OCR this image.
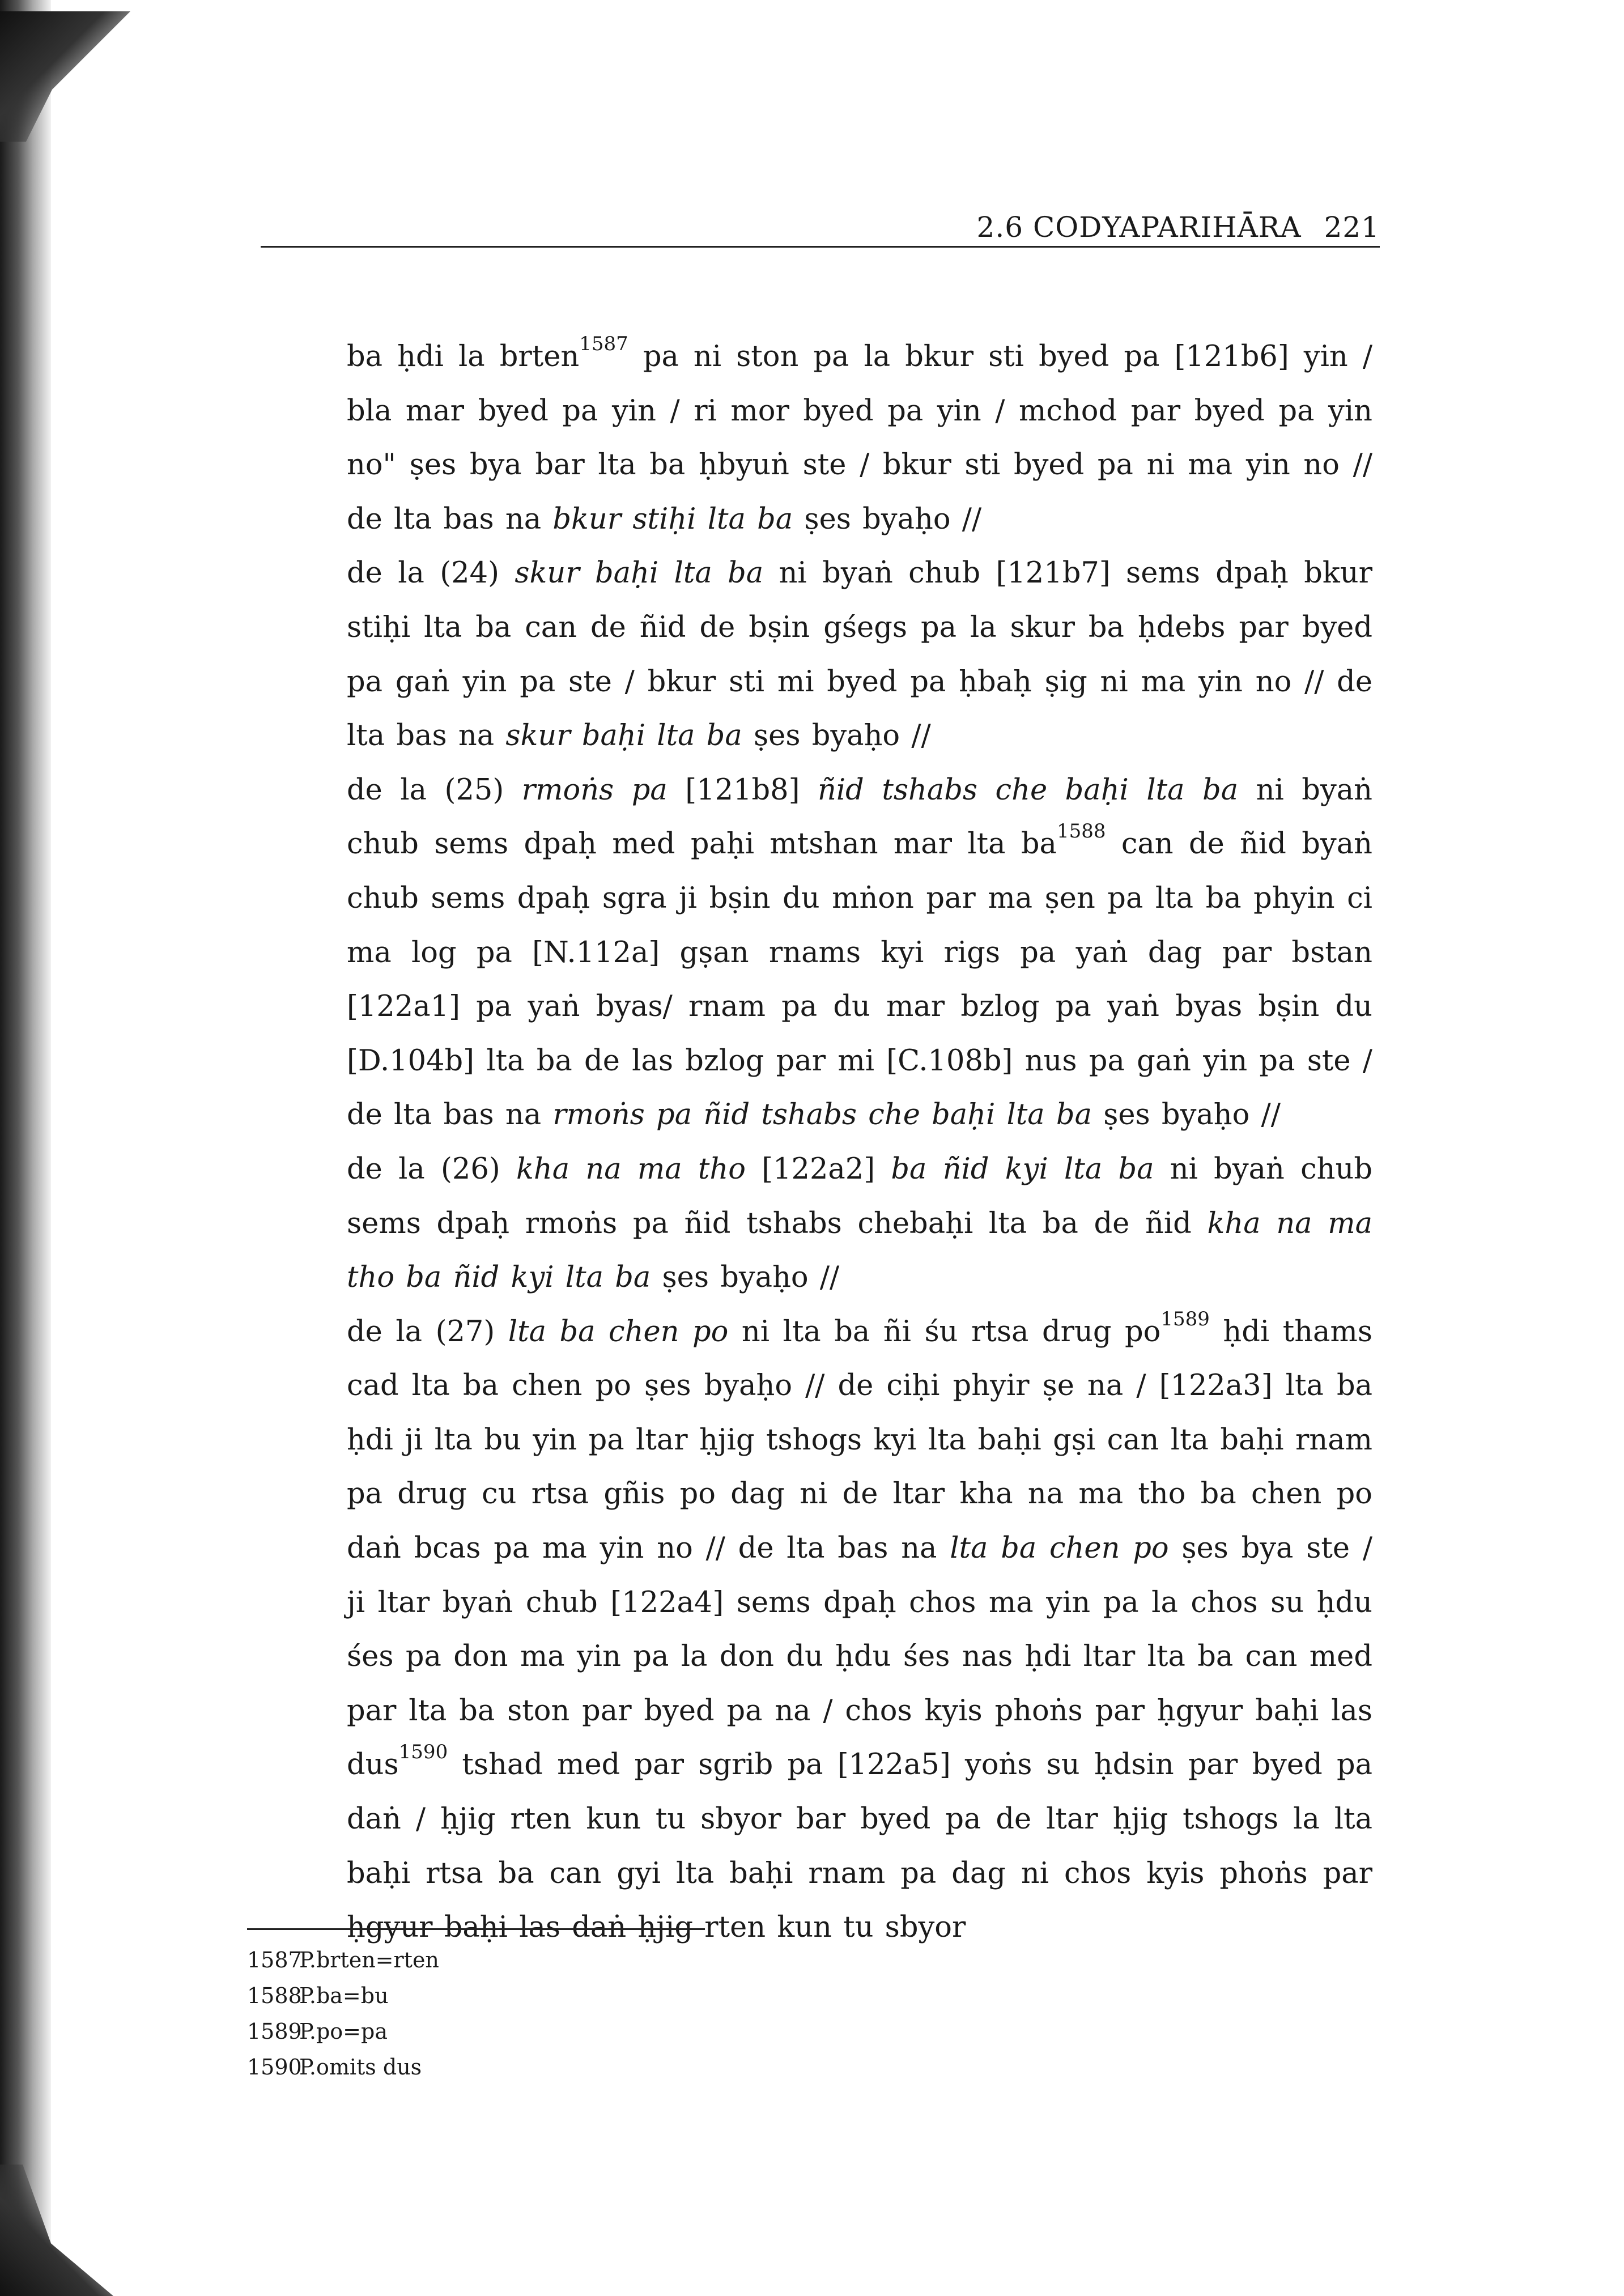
2.6 CODYAPARIHĀRA 221

ba ḥdi la brten$^{1587}$ pa ni ston pa la bkur sti byed pa [121b6] yin / bla mar byed pa yin / ri mor byed pa yin / mchod par byed pa yin no" ṣes bya bar lta ba ḥbyuṅ ste / bkur sti byed pa ni ma yin no // de lta bas na bkur stiḥi lta ba ṣes byaḥo //

de la (24) skur baḥi lta ba ni byaṅ chub [121b7] sems dpaḥ bkur stiḥi lta ba can de ñid de bṣin gśegs pa la skur ba ḥdebs par byed pa gaṅ yin pa ste / bkur sti mi byed pa ḥbaḥ ṣig ni ma yin no // de lta bas na skur baḥi lta ba ṣes byaḥo //

de la (25) rmoṅs pa [121b8] ñid tshabs che baḥi lta ba ni byaṅ chub sems dpaḥ med paḥi mtshan mar lta $ba^{1588}$ can de ñid byaṅ chub sems dpaḥ sgra ji bṣin du mṅon par ma ṣen pa lta ba phyin ci ma log pa [N.112a] gṣan rnams kyi rigs pa yaṅ dag par bstan [122a1] pa yaṅ byas/ rnam pa du mar bzlog pa yaṅ byas bṣin du [D.104b] lta ba de las bzlog par mi [C.108b] nus pa gaṅ yin pa ste / de lta bas na rmoṅs pa ñid tshabs che baḥi lta ba ṣes byaḥo //

de la (26) kha na ma tho [122a2] ba ñid kyi lta ba ni byaṅ chub sems dpaḥ rmoṅs pa ñid tshabs chebaḥi lta ba de ñid kha na ma tho ba ñid kyi lta ba ṣes byaḥo //

de la (27) lta ba chen po ni lta ba ñi śu rtsa drug $po^{1589}$ ḥdi thams cad lta ba chen po ṣes byaḥo // de ciḥi phyir ṣe na / [122a3] lta ba ḥdi ji lta bu yin pa ltar ḥjig tshogs kyi lta baḥi gṣi can lta baḥi rnam pa drug cu rtsa gñis po dag ni de ltar kha na ma tho ba chen po daṅ bcas pa ma yin no // de lta bas na lta ba chen po ṣes bya ste / ji ltar byaṅ chub [122a4] sems dpaḥ chos ma yin pa la chos su ḥdu śes pa don ma yin pa la don du ḥdu śes nas ḥdi ltar lta ba can med par lta ba ston par byed pa na / chos kyis phoṅs par ḥgyur baḥi las dus$^{1590}$ tshad med par sgrib pa [122a5] yoṅs su ḥdsin par byed pa daṅ / ḥjig rten kun tu sbyor bar byed pa de ltar ḥjig tshogs la lta baḥi rtsa ba can gyi lta baḥi rnam pa dag ni chos kyis phoṅs par ḥgyur baḥi las daṅ ḥjig rten kun tu sbyor

1587P.brten=rten
1588P.ba=bu
1589P.po=pa
1590P.omits dus
